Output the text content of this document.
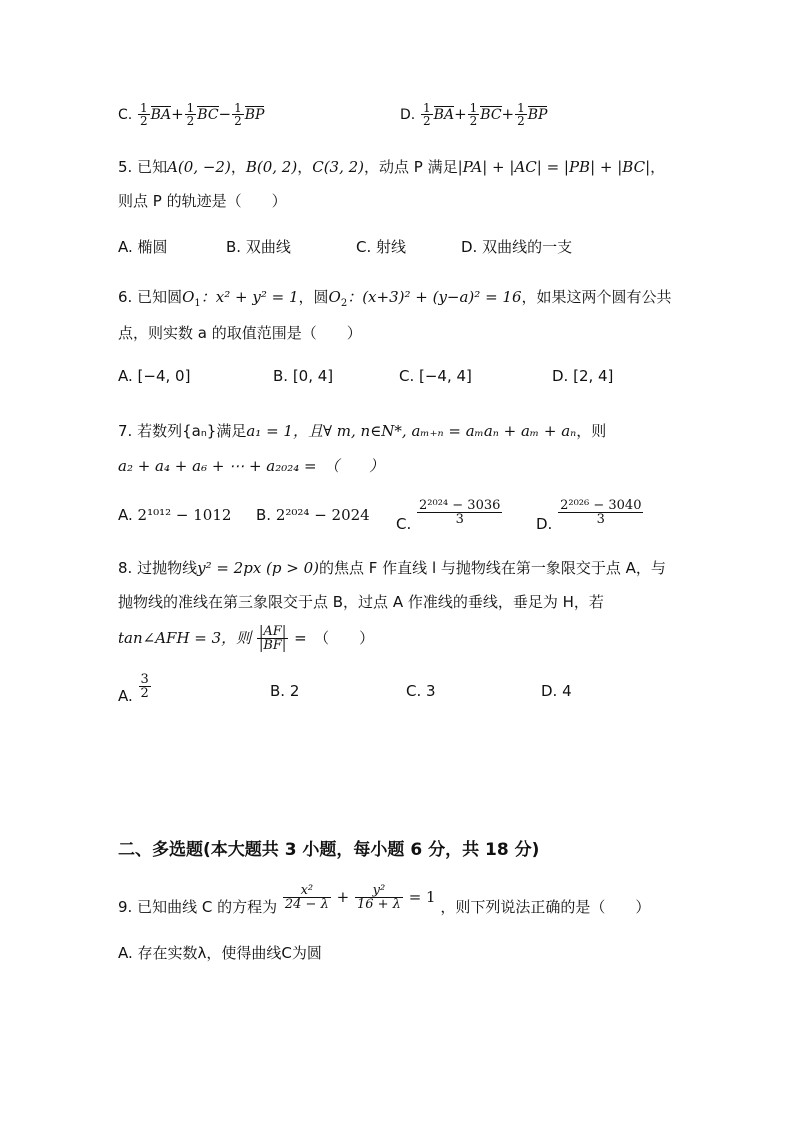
C. $\frac{1}{2} BA+ \frac{1}{2} BC- \frac{1}{2}$ BP	D. $\frac{1}{2} BA+ \frac{1}{2} BC+ \frac{1}{2}$ BP
5. 已知A(0, −2)，B(0, 2)，C(3, 2)，动点 P 满足|PA| + |AC| = |PB| + |BC|，
则点 P 的轨迹是（　　）
A. 椭圆	B. 双曲线	C. 射线	D. 双曲线的一支
6. 已知圆$O_1$：x² + y² = 1，圆$O_2$：(x+3)² + (y−a)² = 16，如果这两个圆有公共
点，则实数 a 的取值范围是（　　）
A. [−4, 0]	B. [0, 4]	C. [−4, 4]	D. [2, 4]
7. 若数列{aₙ}满足a₁ = 1，且∀ m, n∈N*, aₘ₊ₙ = aₘaₙ + aₘ + aₙ，则
a₂ + a₄ + a₆ + ⋯ + a₂₀₂₄ =　（　　）
A. 2¹⁰¹² − 1012 B. 2²⁰²⁴ − 2024 C. $\frac{\text{2²⁰²⁴ − 3036}}{3} D$. $\frac{\text{2²⁰²⁶ − 3040}}{3}$
8. 过抛物线y² = 2px (p > 0)的焦点 F 作直线 l 与抛物线在第一象限交于点 A，与
抛物线的准线在第三象限交于点 B，过点 A 作准线的垂线，垂足为 H，若
tan∠AFH = 3，则 $\frac{|AF|}{|BF|}$ =　（　　）
A. $\frac{3}{2}$	B. 2	C. 3	D. 4
二、多选题(本大题共 3 小题，每小题 6 分，共 18 分)
9. 已知曲线 C 的方程为 $\frac{\text{x²}}{24 - \lambda} + \frac{\text{y²}}{16 + \lambda} = 1$ ，则下列说法正确的是（　　）
A. 存在实数λ，使得曲线C为圆
